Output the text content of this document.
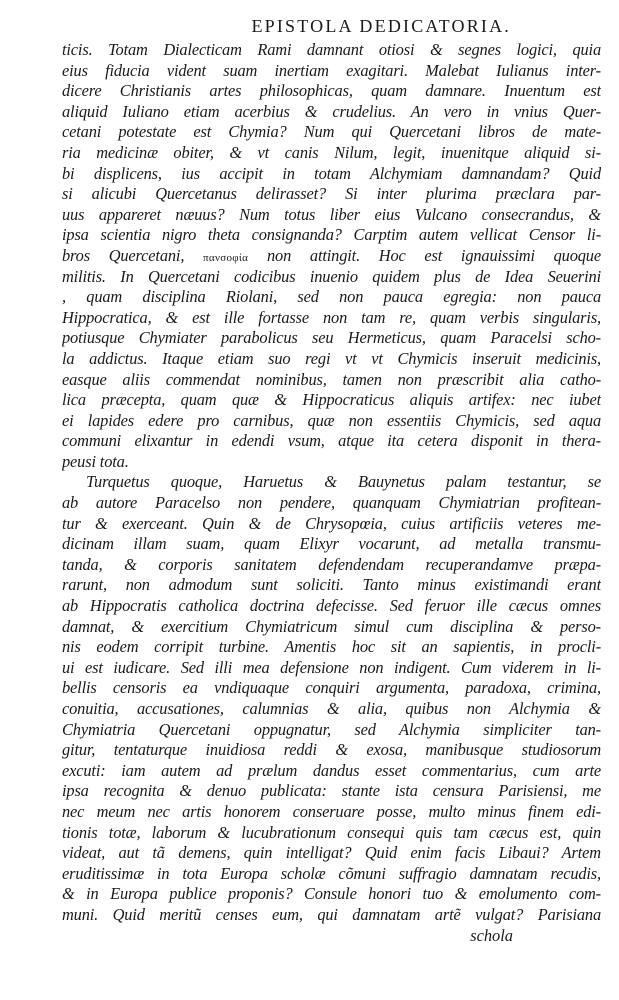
EPISTOLA DEDICATORIA.
ticis. Totam Dialecticam Rami damnant otiosi & segnes logici, quia
eius fiducia vident suam inertiam exagitari. Malebat Iulianus inter-
dicere Christianis artes philosophicas, quam damnare. Inuentum est
aliquid Iuliano etiam acerbius & crudelius. An vero in vnius Quer-
cetani potestate est Chymia? Num qui Quercetani libros de mate-
ria medicinæ obiter, & vt canis Nilum, legit, inuenitque aliquid si-
bi displicens, ius accipit in totam Alchymiam damnandam? Quid
si alicubi Quercetanus delirasset? Si inter plurima præclara par-
uus appareret næuus? Num totus liber eius Vulcano consecrandus, &
ipsa scientia nigro theta consignanda? Carptim autem vellicat Censor li-
bros Quercetani, πανσοφία non attingit. Hoc est ignauissimi quoque
militis. In Quercetani codicibus inuenio quidem plus de Idea Seuerini
, quam disciplina Riolani, sed non pauca egregia: non pauca
Hippocratica, & est ille fortasse non tam re, quam verbis singularis,
potiusque Chymiater parabolicus seu Hermeticus, quam Paracelsi scho-
la addictus. Itaque etiam suo regi vt vt Chymicis inseruit medicinis,
easque aliis commendat nominibus, tamen non præscribit alia catho-
lica præcepta, quam quæ & Hippocraticus aliquis artifex: nec iubet
ei lapides edere pro carnibus, quæ non essentiis Chymicis, sed aqua
communi elixantur in edendi vsum, atque ita cetera disponit in thera-
peusi tota.
Turquetus quoque, Haruetus & Bauynetus palam testantur, se
ab autore Paracelso non pendere, quanquam Chymiatrian profitean-
tur & exerceant. Quin & de Chrysopœia, cuius artificiis veteres me-
dicinam illam suam, quam Elixyr vocarunt, ad metalla transmu-
tanda, & corporis sanitatem defendendam recuperandamve præpa-
rarunt, non admodum sunt soliciti. Tanto minus existimandi erant
ab Hippocratis catholica doctrina defecisse. Sed feruor ille cæcus omnes
damnat, & exercitium Chymiatricum simul cum disciplina & perso-
nis eodem corripit turbine. Amentis hoc sit an sapientis, in procli-
ui est iudicare. Sed illi mea defensione non indigent. Cum viderem in li-
bellis censoris ea vndiquaque conquiri argumenta, paradoxa, crimina,
conuitia, accusationes, calumnias & alia, quibus non Alchymia &
Chymiatria Quercetani oppugnatur, sed Alchymia simpliciter tan-
gitur, tentaturque inuidiosa reddi & exosa, manibusque studiosorum
excuti: iam autem ad prælum dandus esset commentarius, cum arte
ipsa recognita & denuo publicata: stante ista censura Parisiensi, me
nec meum nec artis honorem conseruare posse, multo minus finem edi-
tionis totæ, laborum & lucubrationum consequi quis tam cæcus est, quin
videat, aut tã demens, quin intelligat? Quid enim facis Libaui? Artem
eruditissimæ in tota Europa scholæ cõmuni suffragio damnatam recudis,
& in Europa publice proponis? Consule honori tuo & emolumento com-
muni. Quid meritũ censes eum, qui damnatam artẽ vulgat? Parisiana
schola
